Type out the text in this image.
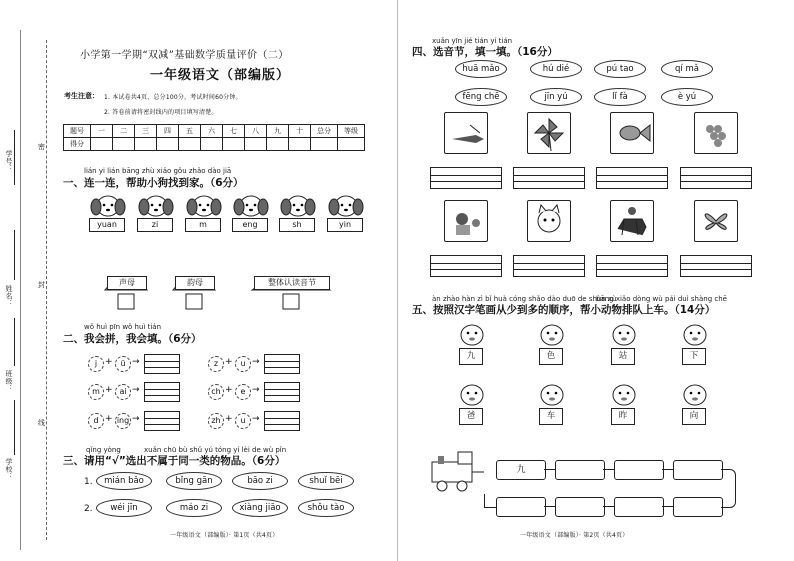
学号：
姓名：
班级：
学校：
密
封
线
小学第一学期“双减”基础数学质量评价（二）
一年级语文（部编版）
考生注意： 1. 本试卷共4页，总分100分，考试时间60分钟。
2. 答卷前请将密封线内的项目填写清楚。
题号	一	二	三	四	五	六	七	八	九	十	总分	等级
得分												
lián yi lián bāng zhù xiǎo gǒu zhǎo dào jiā
一、连一连，帮助小狗找到家。（6分）
wǒ huì pīn wǒ huì tián
二、我会拼，我会填。（6分）
qǐng yòng	xuǎn chū bù shǔ yú tóng yí lèi de wù pǐn
三、请用“√”选出不属于同一类的物品。（6分）
1.
2.
一年级语文（部编版）· 第1页（共4页）
xuǎn yīn jié tián yi tián
四、选音节，填一填。（16分）
àn zhào hàn zì bǐ huà cóng shǎo dào duō de shùn xù
bāng xiǎo dòng wù pái duì shàng chē
五、按照汉字笔画从少到多的顺序，帮小动物排队上车。（14分）
一年级语文（部编版）· 第2页（共4页）
yuan	zi	m	eng	sh	yin
声母	韵母	整体认读音节
j + ü →	z + u →
m + ai →	ch + e →
d + ing →	zh + u →
mián bǎo	bǐng gān	bāo zi	shuǐ bēi
wéi jīn	máo zi	xiàng jiāo	shǒu tào
huā mǎo	hú dié	pú tao	qí mǎ
fēng chē	jīn yú	lǐ fà	è yú
九	色	站	下
爸	车	昨	向
九
